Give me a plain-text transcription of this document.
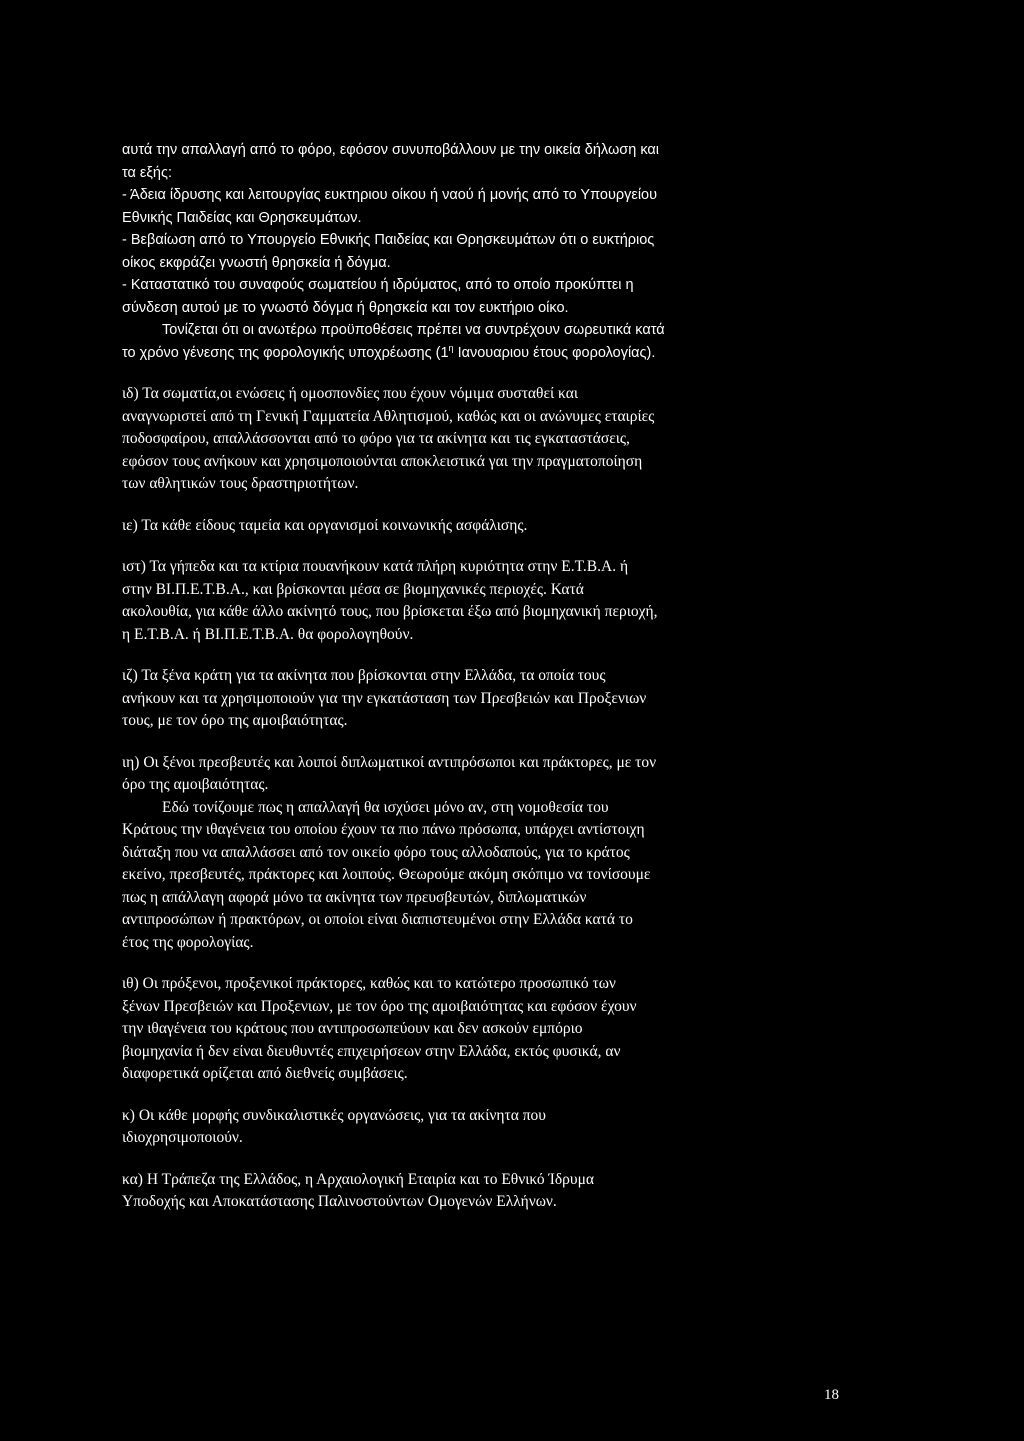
αυτά την απαλλαγή από το φόρο, εφόσον συνυποβάλλουν με την οικεία δήλωση και
τα εξής:
- Άδεια ίδρυσης και λειτουργίας ευκτηριου οίκου ή ναού ή μονής από το Υπουργείου
Εθνικής Παιδείας και Θρησκευμάτων.
- Βεβαίωση από το Υπουργείο Εθνικής Παιδείας και Θρησκευμάτων ότι ο ευκτήριος
οίκος εκφράζει γνωστή θρησκεία ή δόγμα.
- Καταστατικό του συναφούς σωματείου ή ιδρύματος, από το οποίο προκύπτει η
σύνδεση αυτού με το γνωστό δόγμα ή θρησκεία και τον ευκτήριο οίκο.
Τονίζεται ότι οι ανωτέρω προϋποθέσεις πρέπει να συντρέχουν σωρευτικά κατά
το χρόνο γένεσης της φορολογικής υποχρέωσης ($1^\eta$ Ιανουαριου έτους φορολογίας).
ιδ) Τα σωματία,οι ενώσεις ή ομοσπονδίες που έχουν νόμιμα συσταθεί και
αναγνωριστεί από τη Γενική Γαμματεία Αθλητισμού, καθώς και οι ανώνυμες εταιρίες
ποδοσφαίρου, απαλλάσσονται από το φόρο για τα ακίνητα και τις εγκαταστάσεις,
εφόσον τους ανήκουν και χρησιμοποιούνται αποκλειστικά γαι την πραγματοποίηση
των αθλητικών τους δραστηριοτήτων.
ιε) Τα κάθε είδους ταμεία και οργανισμοί κοινωνικής ασφάλισης.
ιστ) Τα γήπεδα και τα κτίρια πουανήκουν κατά πλήρη κυριότητα στην Ε.Τ.Β.Α. ή
στην ΒΙ.Π.Ε.Τ.Β.Α., και βρίσκονται μέσα σε βιομηχανικές περιοχές. Κατά
ακολουθία, για κάθε άλλο ακίνητό τους, που βρίσκεται έξω από βιομηχανική περιοχή,
η Ε.Τ.Β.Α. ή ΒΙ.Π.Ε.Τ.Β.Α. θα φορολογηθούν.
ιζ) Τα ξένα κράτη για τα ακίνητα που βρίσκονται στην Ελλάδα, τα οποία τους
ανήκουν και τα χρησιμοποιούν για την εγκατάσταση των Πρεσβειών και Προξενιων
τους, με τον όρο της αμοιβαιότητας.
ιη) Οι ξένοι πρεσβευτές και λοιποί διπλωματικοί αντιπρόσωποι και πράκτορες, με τον
όρο της αμοιβαιότητας.
Εδώ τονίζουμε πως η απαλλαγή θα ισχύσει μόνο αν, στη νομοθεσία του
Κράτους την ιθαγένεια του οποίου έχουν τα πιο πάνω πρόσωπα, υπάρχει αντίστοιχη
διάταξη που να απαλλάσσει από τον οικείο φόρο τους αλλοδαπούς, για το κράτος
εκείνο, πρεσβευτές, πράκτορες και λοιπούς. Θεωρούμε ακόμη σκόπιμο να τονίσουμε
πως η απάλλαγη αφορά μόνο τα ακίνητα των πρευσβευτών, διπλωματικών
αντιπροσώπων ή πρακτόρων, οι οποίοι είναι διαπιστευμένοι στην Ελλάδα κατά το
έτος της φορολογίας.
ιθ) Οι πρόξενοι, προξενικοί πράκτορες, καθώς και το κατώτερο προσωπικό των
ξένων Πρεσβειών και Προξενιων, με τον όρο της αμοιβαιότητας και εφόσον έχουν
την ιθαγένεια του κράτους που αντιπροσωπεύουν και δεν ασκούν εμπόριο
βιομηχανία ή δεν είναι διευθυντές επιχειρήσεων στην Ελλάδα, εκτός φυσικά, αν
διαφορετικά ορίζεται από διεθνείς συμβάσεις.
κ) Οι κάθε μορφής συνδικαλιστικές οργανώσεις, για τα ακίνητα που
ιδιοχρησιμοποιούν.
κα) Η Τράπεζα της Ελλάδος, η Αρχαιολογική Εταιρία και το Εθνικό Ίδρυμα
Υποδοχής και Αποκατάστασης Παλινοστούντων Ομογενών Ελλήνων.
18
